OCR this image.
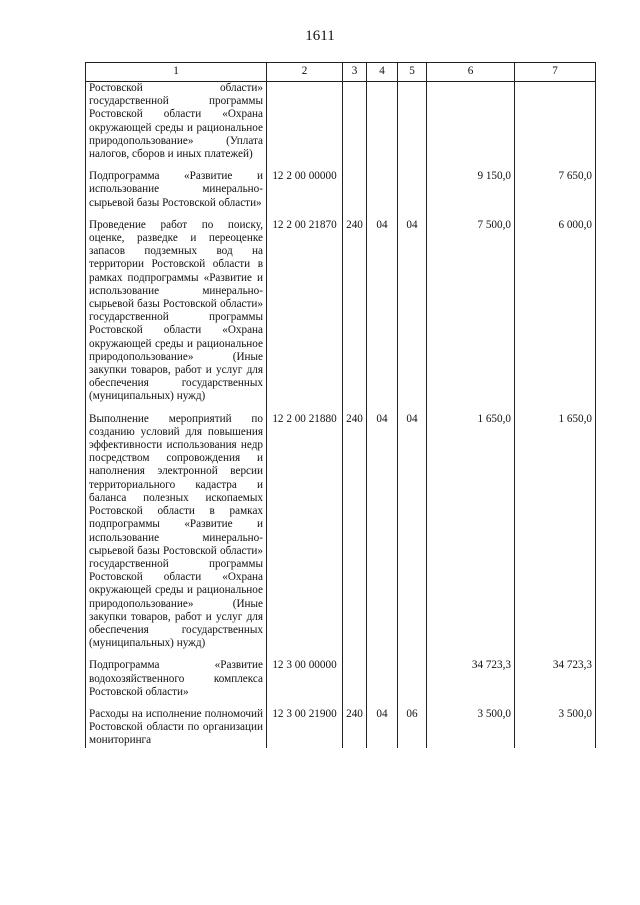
1611
1	2	3	4	5	6	7
Ростовской области» государственной программы Ростовской области «Охрана окружающей среды и рациональное природопользование» (Уплата налогов, сборов и иных платежей)						

Подпрограмма «Развитие и использование минерально-сырьевой базы Ростовской области»	12 2 00 00000				9 150,0	7 650,0

Проведение работ по поиску, оценке, разведке и переоценке запасов подземных вод на территории Ростовской области в рамках подпрограммы «Развитие и использование минерально-сырьевой базы Ростовской области» государственной программы Ростовской области «Охрана окружающей среды и рациональное природопользование» (Иные закупки товаров, работ и услуг для обеспечения государственных (муниципальных) нужд)	12 2 00 21870	240	04	04	7 500,0	6 000,0

Выполнение мероприятий по созданию условий для повышения эффективности использования недр посредством сопровождения и наполнения электронной версии территориального кадастра и баланса полезных ископаемых Ростовской области в рамках подпрограммы «Развитие и использование минерально-сырьевой базы Ростовской области» государственной программы Ростовской области «Охрана окружающей среды и рациональное природопользование» (Иные закупки товаров, работ и услуг для обеспечения государственных (муниципальных) нужд)	12 2 00 21880	240	04	04	1 650,0	1 650,0

Подпрограмма «Развитие водохозяйственного комплекса Ростовской области»	12 3 00 00000				34 723,3	34 723,3

Расходы на исполнение полномочий Ростовской области по организации мониторинга	12 3 00 21900	240	04	06	3 500,0	3 500,0
